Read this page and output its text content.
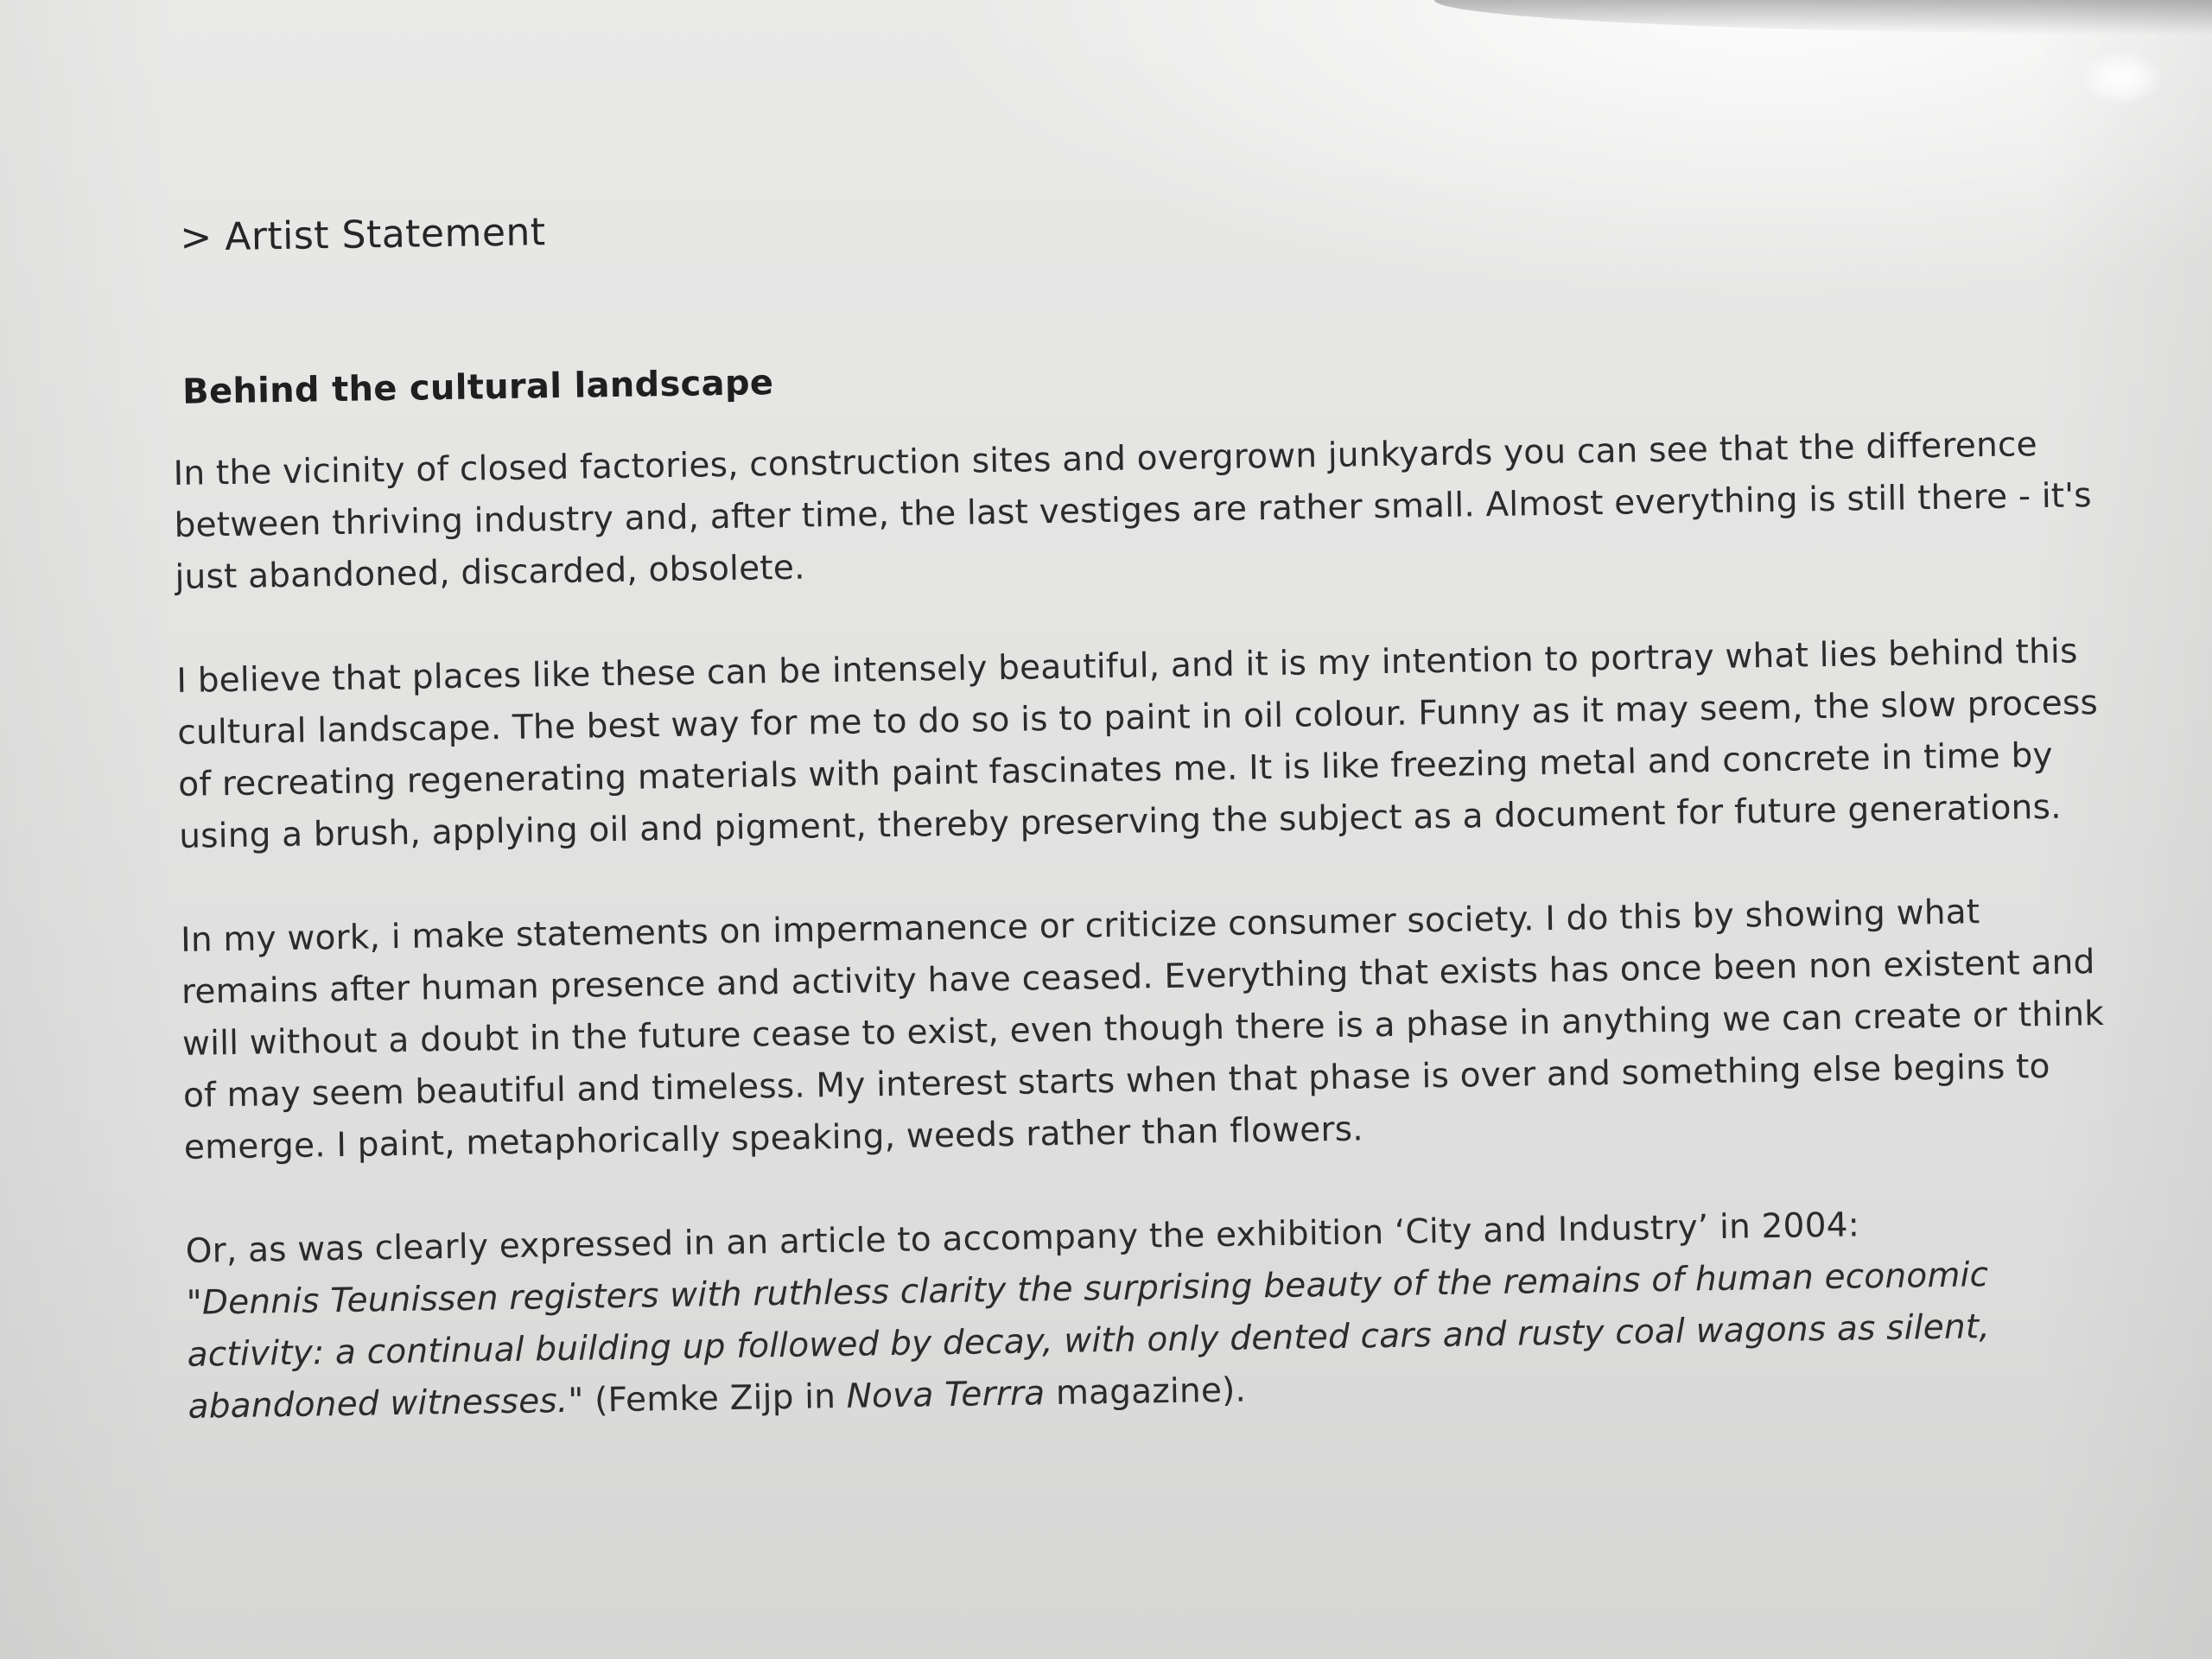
> Artist Statement
Behind the cultural landscape

In the vicinity of closed factories, construction sites and overgrown junkyards you can see that the difference between thriving industry and, after time, the last vestiges are rather small. Almost everything is still there - it's just abandoned, discarded, obsolete.

I believe that places like these can be intensely beautiful, and it is my intention to portray what lies behind this cultural landscape. The best way for me to do so is to paint in oil colour. Funny as it may seem, the slow process of recreating regenerating materials with paint fascinates me. It is like freezing metal and concrete in time by using a brush, applying oil and pigment, thereby preserving the subject as a document for future generations.

In my work, i make statements on impermanence or criticize consumer society. I do this by showing what remains after human presence and activity have ceased. Everything that exists has once been non existent and will without a doubt in the future cease to exist, even though there is a phase in anything we can create or think of may seem beautiful and timeless. My interest starts when that phase is over and something else begins to emerge. I paint, metaphorically speaking, weeds rather than flowers.

Or, as was clearly expressed in an article to accompany the exhibition ‘City and Industry’ in 2004:
"Dennis Teunissen registers with ruthless clarity the surprising beauty of the remains of human economic activity: a continual building up followed by decay, with only dented cars and rusty coal wagons as silent, abandoned witnesses." (Femke Zijp in Nova Terrra magazine).
